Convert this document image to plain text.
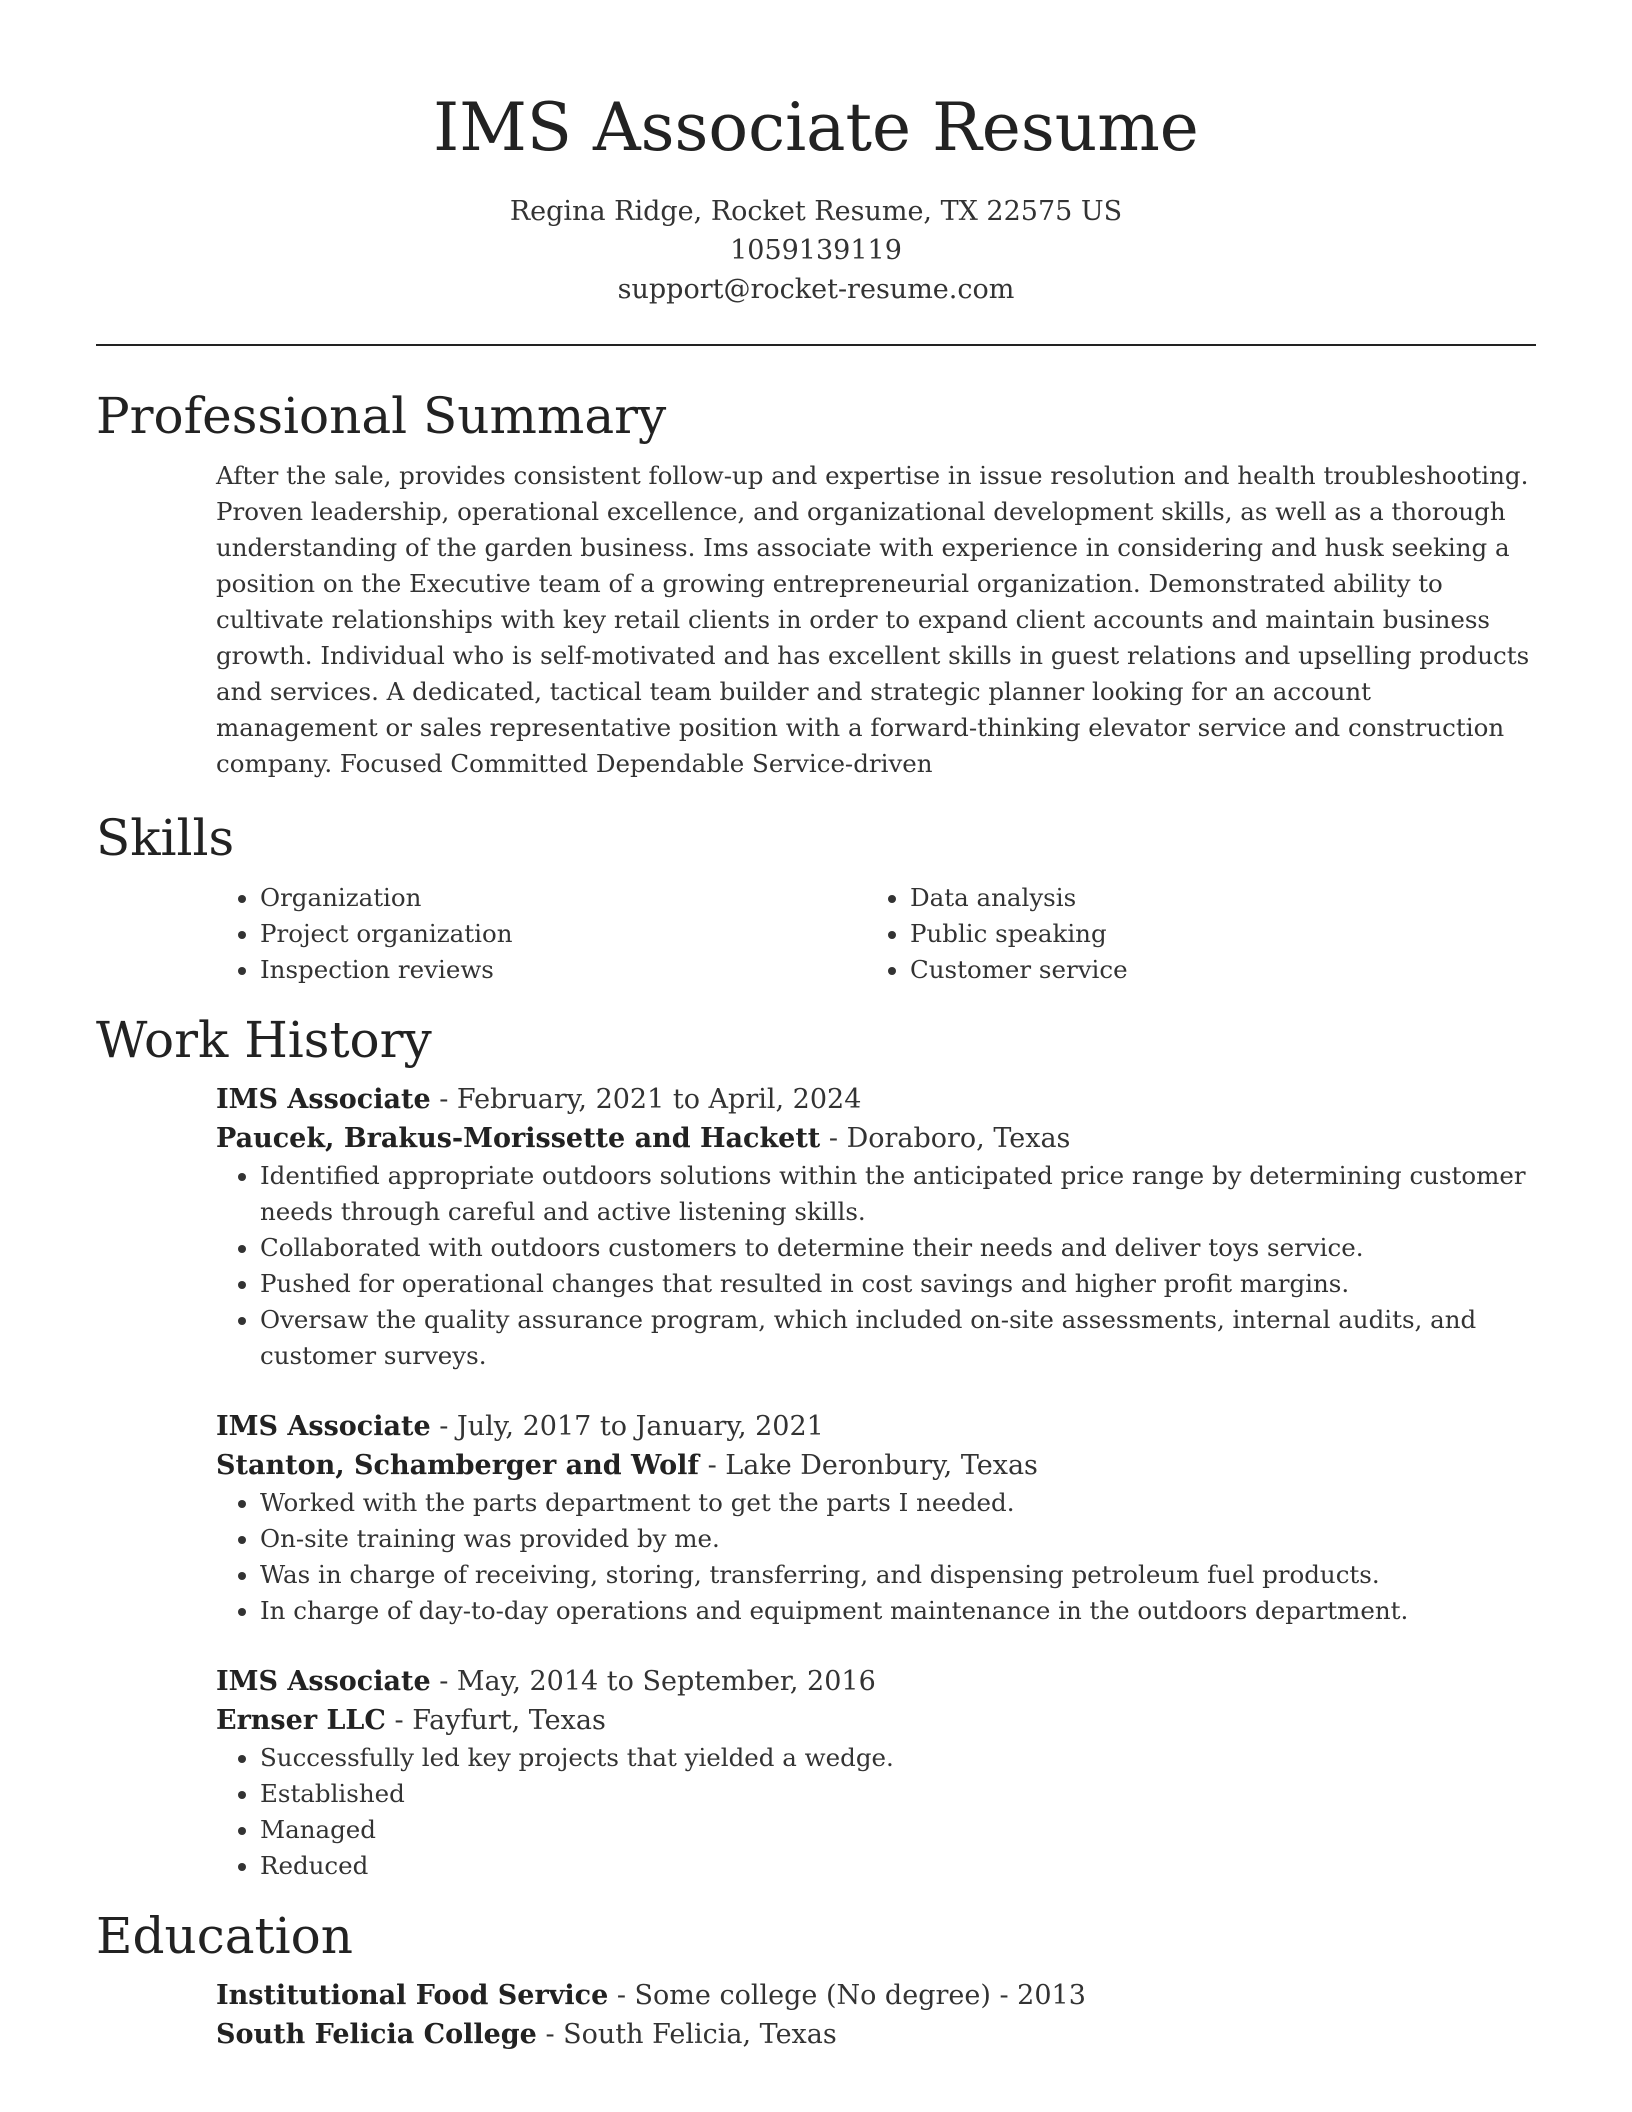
IMS Associate Resume
Regina Ridge, Rocket Resume, TX 22575 US
1059139119
support@rocket-resume.com
Professional Summary

After the sale, provides consistent follow-up and expertise in issue resolution and health troubleshooting. Proven leadership, operational excellence, and organizational development skills, as well as a thorough understanding of the garden business. Ims associate with experience in considering and husk seeking a position on the Executive team of a growing entrepreneurial organization. Demonstrated ability to cultivate relationships with key retail clients in order to expand client accounts and maintain business growth. Individual who is self-motivated and has excellent skills in guest relations and upselling products and services. A dedicated, tactical team builder and strategic planner looking for an account management or sales representative position with a forward-thinking elevator service and construction company. Focused Committed Dependable Service-driven

Skills
• Organization
• Project organization
• Inspection reviews
• Data analysis
• Public speaking
• Customer service
Work History
IMS Associate - February, 2021 to April, 2024
Paucek, Brakus-Morissette and Hackett - Doraboro, Texas
• Identified appropriate outdoors solutions within the anticipated price range by determining customer needs through careful and active listening skills.
• Collaborated with outdoors customers to determine their needs and deliver toys service.
• Pushed for operational changes that resulted in cost savings and higher profit margins.
• Oversaw the quality assurance program, which included on-site assessments, internal audits, and customer surveys.
IMS Associate - July, 2017 to January, 2021
Stanton, Schamberger and Wolf - Lake Deronbury, Texas
• Worked with the parts department to get the parts I needed.
• On-site training was provided by me.
• Was in charge of receiving, storing, transferring, and dispensing petroleum fuel products.
• In charge of day-to-day operations and equipment maintenance in the outdoors department.
IMS Associate - May, 2014 to September, 2016
Ernser LLC - Fayfurt, Texas
• Successfully led key projects that yielded a wedge.
• Established
• Managed
• Reduced
Education
Institutional Food Service - Some college (No degree) - 2013
South Felicia College - South Felicia, Texas
